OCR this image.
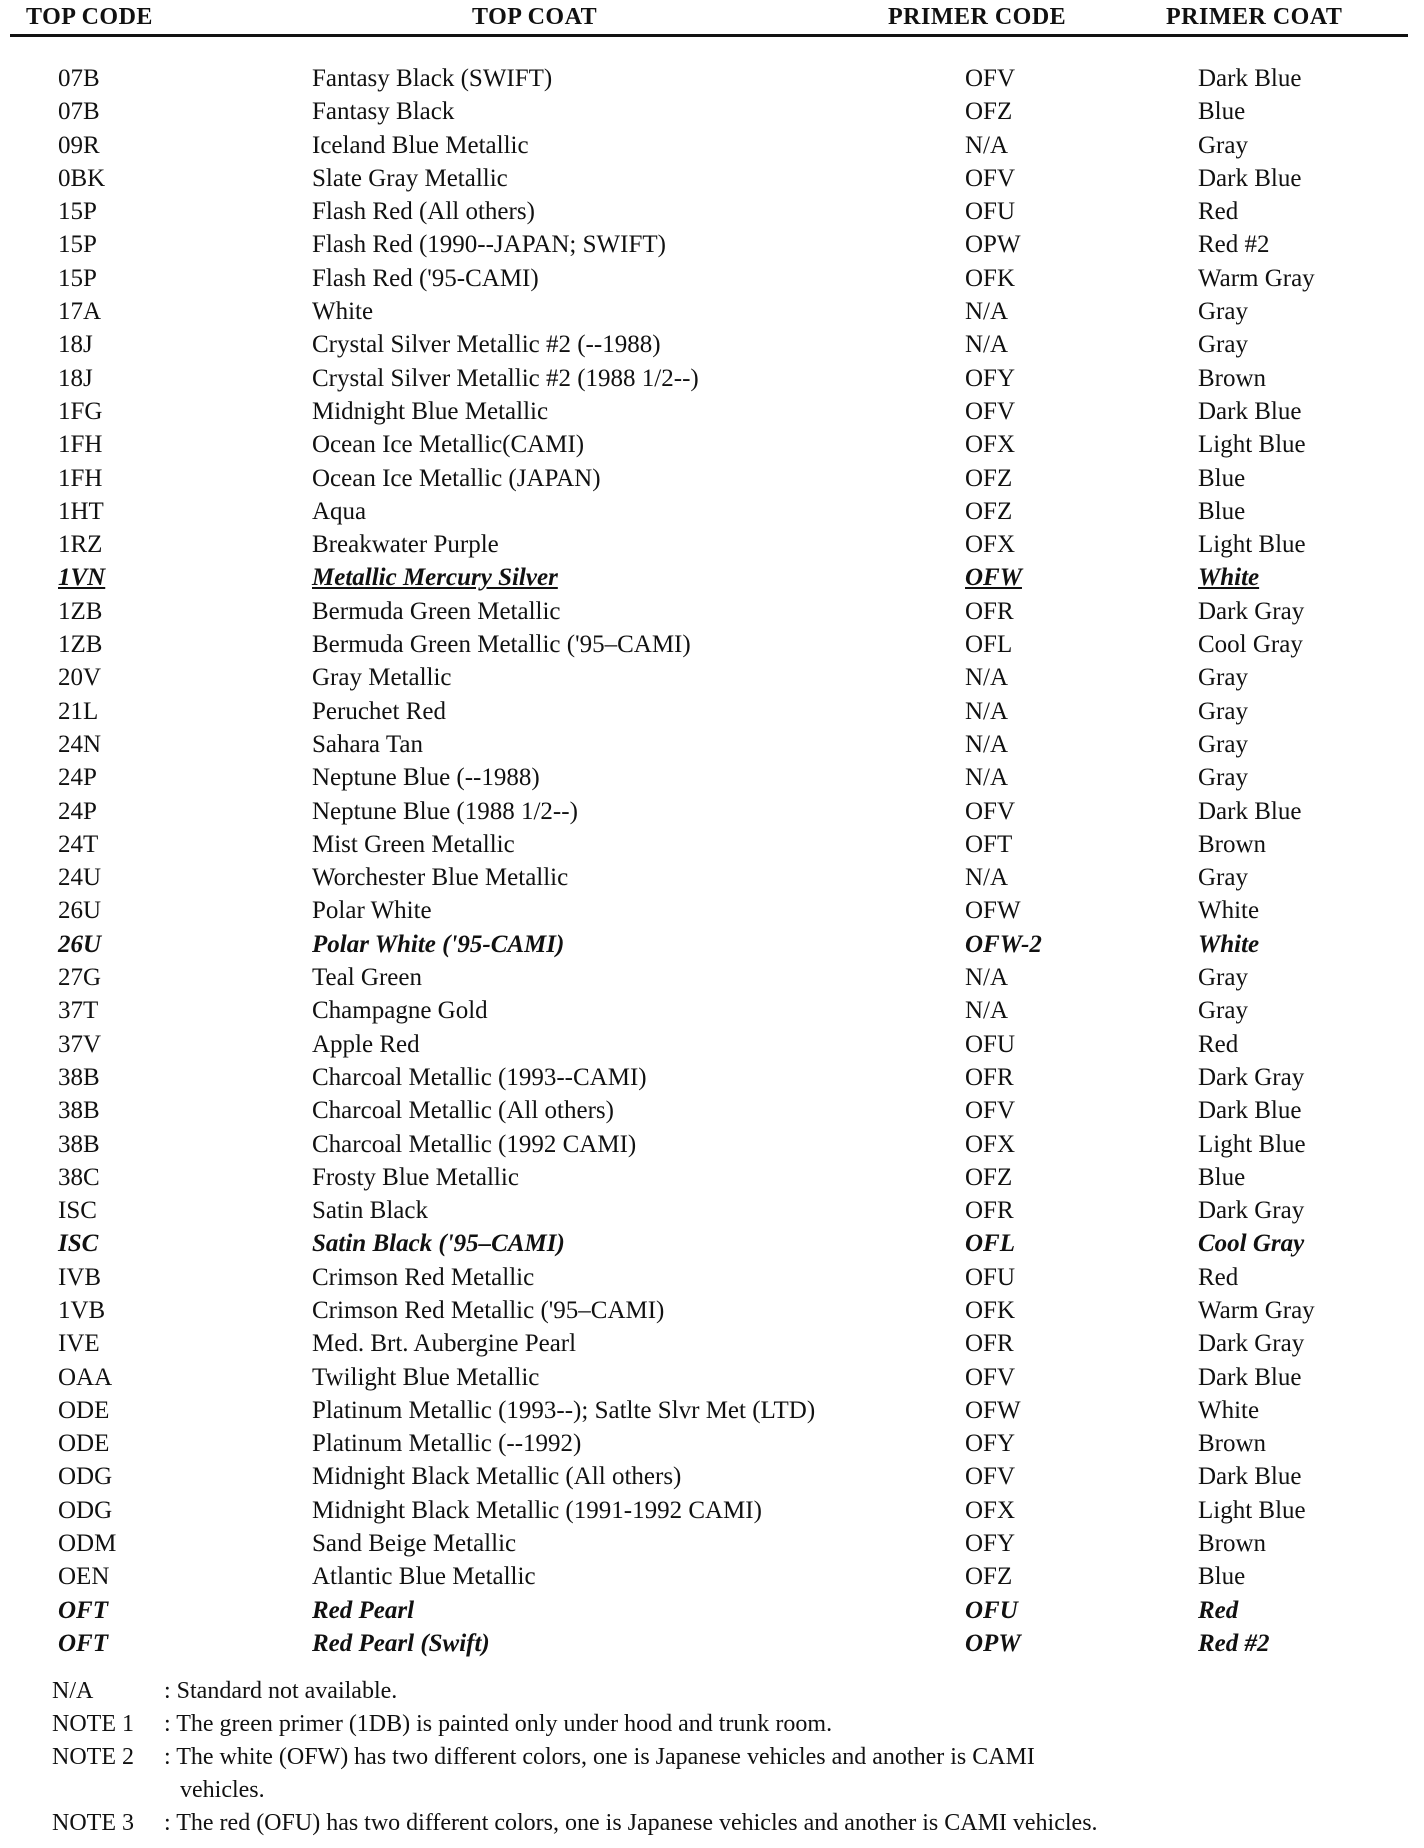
TOP CODE	TOP COAT	PRIMER CODE	PRIMER COAT
07B	Fantasy Black (SWIFT)	OFV	Dark Blue
07B	Fantasy Black	OFZ	Blue
09R	Iceland Blue Metallic	N/A	Gray
0BK	Slate Gray Metallic	OFV	Dark Blue
15P	Flash Red (All others)	OFU	Red
15P	Flash Red (1990--JAPAN; SWIFT)	OPW	Red #2
15P	Flash Red ('95-CAMI)	OFK	Warm Gray
17A	White	N/A	Gray
18J	Crystal Silver Metallic #2 (--1988)	N/A	Gray
18J	Crystal Silver Metallic #2 (1988 1/2--)	OFY	Brown
1FG	Midnight Blue Metallic	OFV	Dark Blue
1FH	Ocean Ice Metallic(CAMI)	OFX	Light Blue
1FH	Ocean Ice Metallic (JAPAN)	OFZ	Blue
1HT	Aqua	OFZ	Blue
1RZ	Breakwater Purple	OFX	Light Blue
1VN	Metallic Mercury Silver	OFW	White
1ZB	Bermuda Green Metallic	OFR	Dark Gray
1ZB	Bermuda Green Metallic ('95–CAMI)	OFL	Cool Gray
20V	Gray Metallic	N/A	Gray
21L	Peruchet Red	N/A	Gray
24N	Sahara Tan	N/A	Gray
24P	Neptune Blue (--1988)	N/A	Gray
24P	Neptune Blue (1988 1/2--)	OFV	Dark Blue
24T	Mist Green Metallic	OFT	Brown
24U	Worchester Blue Metallic	N/A	Gray
26U	Polar White	OFW	White
26U	Polar White ('95-CAMI)	OFW-2	White
27G	Teal Green	N/A	Gray
37T	Champagne Gold	N/A	Gray
37V	Apple Red	OFU	Red
38B	Charcoal Metallic (1993--CAMI)	OFR	Dark Gray
38B	Charcoal Metallic (All others)	OFV	Dark Blue
38B	Charcoal Metallic (1992 CAMI)	OFX	Light Blue
38C	Frosty Blue Metallic	OFZ	Blue
ISC	Satin Black	OFR	Dark Gray
ISC	Satin Black ('95–CAMI)	OFL	Cool Gray
IVB	Crimson Red Metallic	OFU	Red
1VB	Crimson Red Metallic ('95–CAMI)	OFK	Warm Gray
IVE	Med. Brt. Aubergine Pearl	OFR	Dark Gray
OAA	Twilight Blue Metallic	OFV	Dark Blue
ODE	Platinum Metallic (1993--); Satlte Slvr Met (LTD)	OFW	White
ODE	Platinum Metallic (--1992)	OFY	Brown
ODG	Midnight Black Metallic (All others)	OFV	Dark Blue
ODG	Midnight Black Metallic (1991-1992 CAMI)	OFX	Light Blue
ODM	Sand Beige Metallic	OFY	Brown
OEN	Atlantic Blue Metallic	OFZ	Blue
OFT	Red Pearl	OFU	Red
OFT	Red Pearl (Swift)	OPW	Red #2
N/A	: Standard not available.
NOTE 1 : The green primer (1DB) is painted only under hood and trunk room.
NOTE 2 : The white (OFW) has two different colors, one is Japanese vehicles and another is CAMI
vehicles.
NOTE 3 : The red (OFU) has two different colors, one is Japanese vehicles and another is CAMI vehicles.
